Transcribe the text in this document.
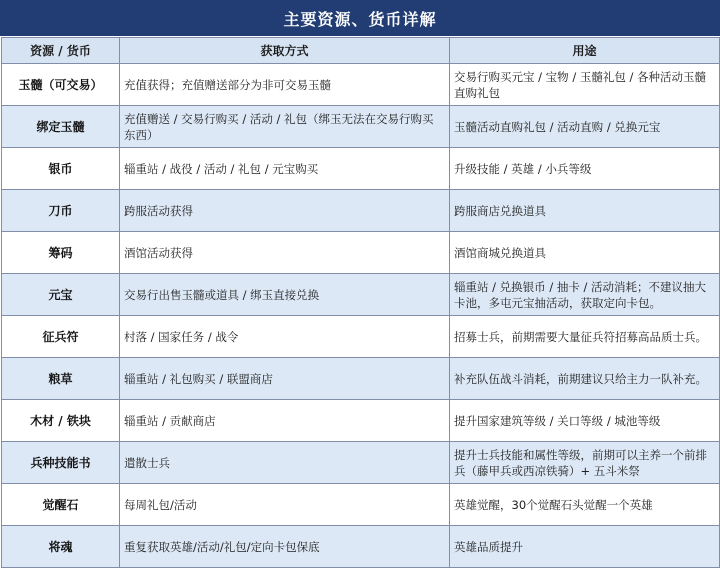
主要资源、货币详解
资源 / 货币	获取方式	用途
玉髓（可交易）	充值获得；充值赠送部分为非可交易玉髓	交易行购买元宝 / 宝物 / 玉髓礼包 / 各种活动玉髓直购礼包
绑定玉髓	充值赠送 / 交易行购买 / 活动 / 礼包（绑玉无法在交易行购买东西）	玉髓活动直购礼包 / 活动直购 / 兑换元宝
银币	辎重站 / 战役 / 活动 / 礼包 / 元宝购买	升级技能 / 英雄 / 小兵等级
刀币	跨服活动获得	跨服商店兑换道具
筹码	酒馆活动获得	酒馆商城兑换道具
元宝	交易行出售玉髓或道具 / 绑玉直接兑换	辎重站 / 兑换银币 / 抽卡 / 活动消耗；不建议抽大卡池，多屯元宝抽活动，获取定向卡包。
征兵符	村落 / 国家任务 / 战令	招募士兵，前期需要大量征兵符招募高品质士兵。
粮草	辎重站 / 礼包购买 / 联盟商店	补充队伍战斗消耗，前期建议只给主力一队补充。
木材 / 铁块	辎重站 / 贡献商店	提升国家建筑等级 / 关口等级 / 城池等级
兵种技能书	遣散士兵	提升士兵技能和属性等级，前期可以主养一个前排兵（藤甲兵或西凉铁骑）+ 五斗米祭
觉醒石	每周礼包/活动	英雄觉醒，30个觉醒石头觉醒一个英雄
将魂	重复获取英雄/活动/礼包/定向卡包保底	英雄品质提升
